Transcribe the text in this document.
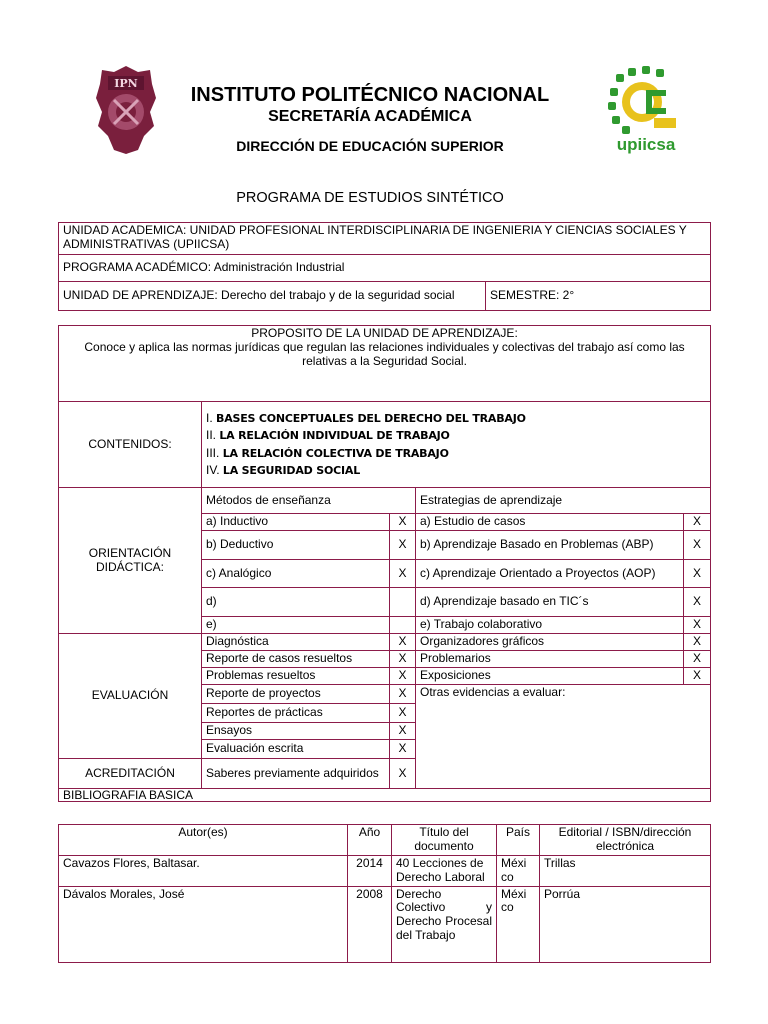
IPN
upiicsa
INSTITUTO POLITÉCNICO NACIONAL
SECRETARÍA ACADÉMICA
DIRECCIÓN DE EDUCACIÓN SUPERIOR
PROGRAMA DE ESTUDIOS SINTÉTICO
UNIDAD ACADEMICA: UNIDAD PROFESIONAL INTERDISCIPLINARIA DE INGENIERIA Y CIENCIAS SOCIALES Y ADMINISTRATIVAS (UPIICSA)
PROGRAMA ACADÉMICO: Administración Industrial
UNIDAD DE APRENDIZAJE: Derecho del trabajo y de la seguridad social	SEMESTRE: 2°
PROPOSITO DE LA UNIDAD DE APRENDIZAJE:
Conoce y aplica las normas jurídicas que regulan las relaciones individuales y colectivas del trabajo así como las relativas a la Seguridad Social.				

CONTENIDOS:	I. BASES CONCEPTUALES DEL DERECHO DEL TRABAJO
II. LA RELACIÓN INDIVIDUAL DE TRABAJO
III. LA RELACIÓN COLECTIVA DE TRABAJO
IV. LA SEGURIDAD SOCIAL			

ORIENTACIÓN DIDÁCTICA:	Métodos de enseñanza		Estrategias de aprendizaje	
	a) Inductivo	X	a) Estudio de casos	X
	b) Deductivo	X	b) Aprendizaje Basado en Problemas (ABP)	X
	c) Analógico	X	c) Aprendizaje Orientado a Proyectos (AOP)	X
	d)		d) Aprendizaje basado en TIC´s	X
	e)		e) Trabajo colaborativo	X
EVALUACIÓN	Diagnóstica	X	Organizadores gráficos	X
	Reporte de casos resueltos	X	Problemarios	X
	Problemas resueltos	X	Exposiciones	X
	Reporte de proyectos	X	Otras evidencias a evaluar:	
	Reportes de prácticas	X		
	Ensayos	X		
	Evaluación escrita	X		
ACREDITACIÓN	Saberes previamente adquiridos	X		
BIBLIOGRAFIA BASICA				
Autor(es)	Año	Título del documento	País	Editorial / ISBN/dirección electrónica
Cavazos Flores, Baltasar.	2014	40 Lecciones de Derecho Laboral	Méxi co	Trillas
Dávalos Morales, José	2008	Derecho Colectivo y Derecho Procesal del Trabajo	Méxi co	Porrúa
